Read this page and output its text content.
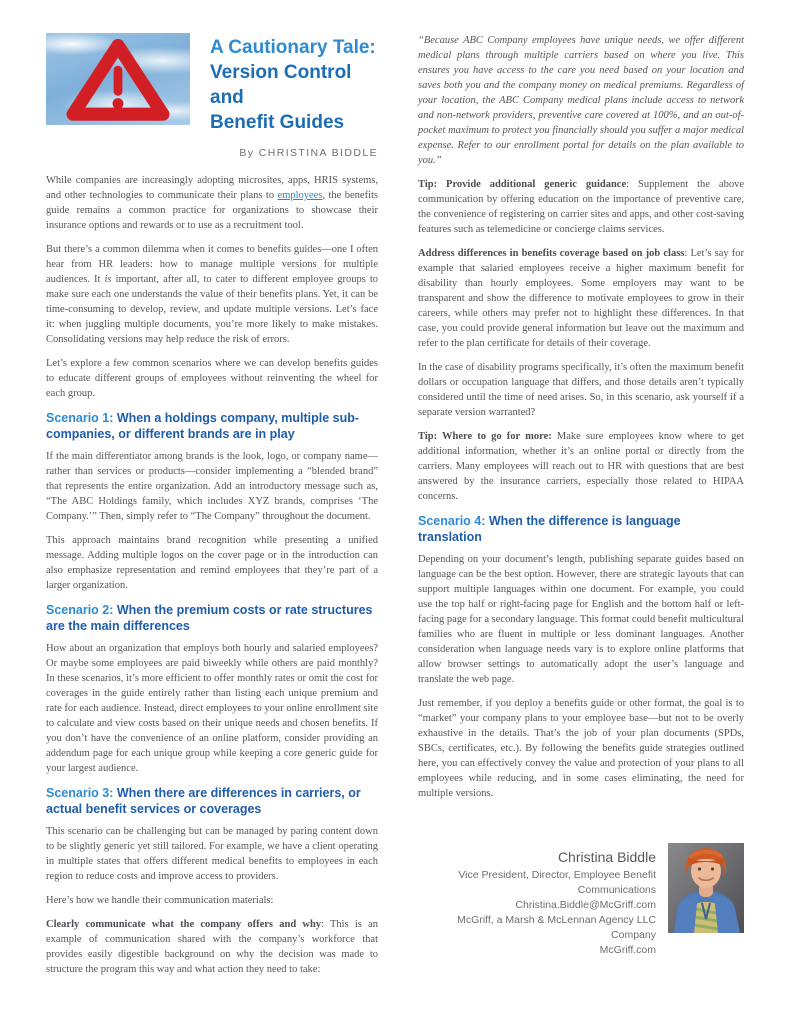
A Cautionary Tale:
Version Control and
Benefit Guides
By CHRISTINA BIDDLE

While companies are increasingly adopting microsites, apps, HRIS systems, and other technologies to communicate their plans to employees, the benefits guide remains a common practice for organizations to showcase their insurance options and rewards or to use as a recruitment tool.

But there’s a common dilemma when it comes to benefits guides—one I often hear from HR leaders: how to manage multiple versions for multiple audiences. It is important, after all, to cater to different employee groups to make sure each one understands the value of their benefits plans. Yet, it can be time-consuming to develop, review, and update multiple versions. Let’s face it: when juggling multiple documents, you’re more likely to make mistakes. Consolidating versions may help reduce the risk of errors.

Let’s explore a few common scenarios where we can develop benefits guides to educate different groups of employees without reinventing the wheel for each group.

Scenario 1: When a holdings company, multiple sub-companies, or different brands are in play

If the main differentiator among brands is the look, logo, or company name—rather than services or products—consider implementing a “blended brand” that represents the entire organization. Add an introductory message such as, “The ABC Holdings family, which includes XYZ brands, comprises ‘The Company.’” Then, simply refer to “The Company” throughout the document.

This approach maintains brand recognition while presenting a unified message. Adding multiple logos on the cover page or in the introduction can also emphasize representation and remind employees that they’re part of a larger organization.

Scenario 2: When the premium costs or rate structures are the main differences

How about an organization that employs both hourly and salaried employees? Or maybe some employees are paid biweekly while others are paid monthly? In these scenarios, it’s more efficient to offer monthly rates or omit the cost for coverages in the guide entirely rather than listing each unique premium and rate for each audience. Instead, direct employees to your online enrollment site to calculate and view costs based on their unique needs and chosen benefits. If you don’t have the convenience of an online platform, consider providing an addendum page for each unique group while keeping a core generic guide for your largest audience.

Scenario 3: When there are differences in carriers, or actual benefit services or coverages

This scenario can be challenging but can be managed by paring content down to be slightly generic yet still tailored. For example, we have a client operating in multiple states that offers different medical benefits to employees in each region to reduce costs and improve access to providers.

Here’s how we handle their communication materials:

Clearly communicate what the company offers and why: This is an example of communication shared with the company’s workforce that provides easily digestible background on why the decision was made to structure the program this way and what action they need to take:

“Because ABC Company employees have unique needs, we offer different medical plans through multiple carriers based on where you live. This ensures you have access to the care you need based on your location and saves both you and the company money on medical premiums. Regardless of your location, the ABC Company medical plans include access to network and non-network providers, preventive care covered at 100%, and an out-of-pocket maximum to protect you financially should you suffer a major medical expense. Refer to our enrollment portal for details on the plan available to you.”

Tip: Provide additional generic guidance: Supplement the above communication by offering education on the importance of preventive care, the convenience of registering on carrier sites and apps, and other cost-saving features such as telemedicine or concierge claims services.

Address differences in benefits coverage based on job class: Let’s say for example that salaried employees receive a higher maximum benefit for disability than hourly employees. Some employers may want to be transparent and show the difference to motivate employees to grow in their careers, while others may prefer not to highlight these differences. In that case, you could provide general information but leave out the maximum and refer to the plan certificate for details of their coverage.

In the case of disability programs specifically, it’s often the maximum benefit dollars or occupation language that differs, and those details aren’t typically considered until the time of need arises. So, in this scenario, ask yourself if a separate version warranted?

Tip: Where to go for more: Make sure employees know where to get additional information, whether it’s an online portal or directly from the carriers. Many employees will reach out to HR with questions that are best answered by the insurance carriers, especially those related to HIPAA concerns.

Scenario 4: When the difference is language translation

Depending on your document’s length, publishing separate guides based on language can be the best option. However, there are strategic layouts that can support multiple languages within one document. For example, you could use the top half or right-facing page for English and the bottom half or left-facing page for a secondary language. This format could benefit multicultural families who are fluent in multiple or less dominant languages. Another consideration when language needs vary is to explore online platforms that allow browser settings to automatically adopt the user’s language and translate the web page.

Just remember, if you deploy a benefits guide or other format, the goal is to “market” your company plans to your employee base—but not to be overly exhaustive in the details. That’s the job of your plan documents (SPDs, SBCs, certificates, etc.). By following the benefits guide strategies outlined here, you can effectively convey the value and protection of your plans to all employees while reducing, and in some cases eliminating, the need for multiple versions.

Christina Biddle
Vice President, Director, Employee Benefit Communications
Christina.Biddle@McGriff.com
McGriff, a Marsh & McLennan Agency LLC Company
McGriff.com
